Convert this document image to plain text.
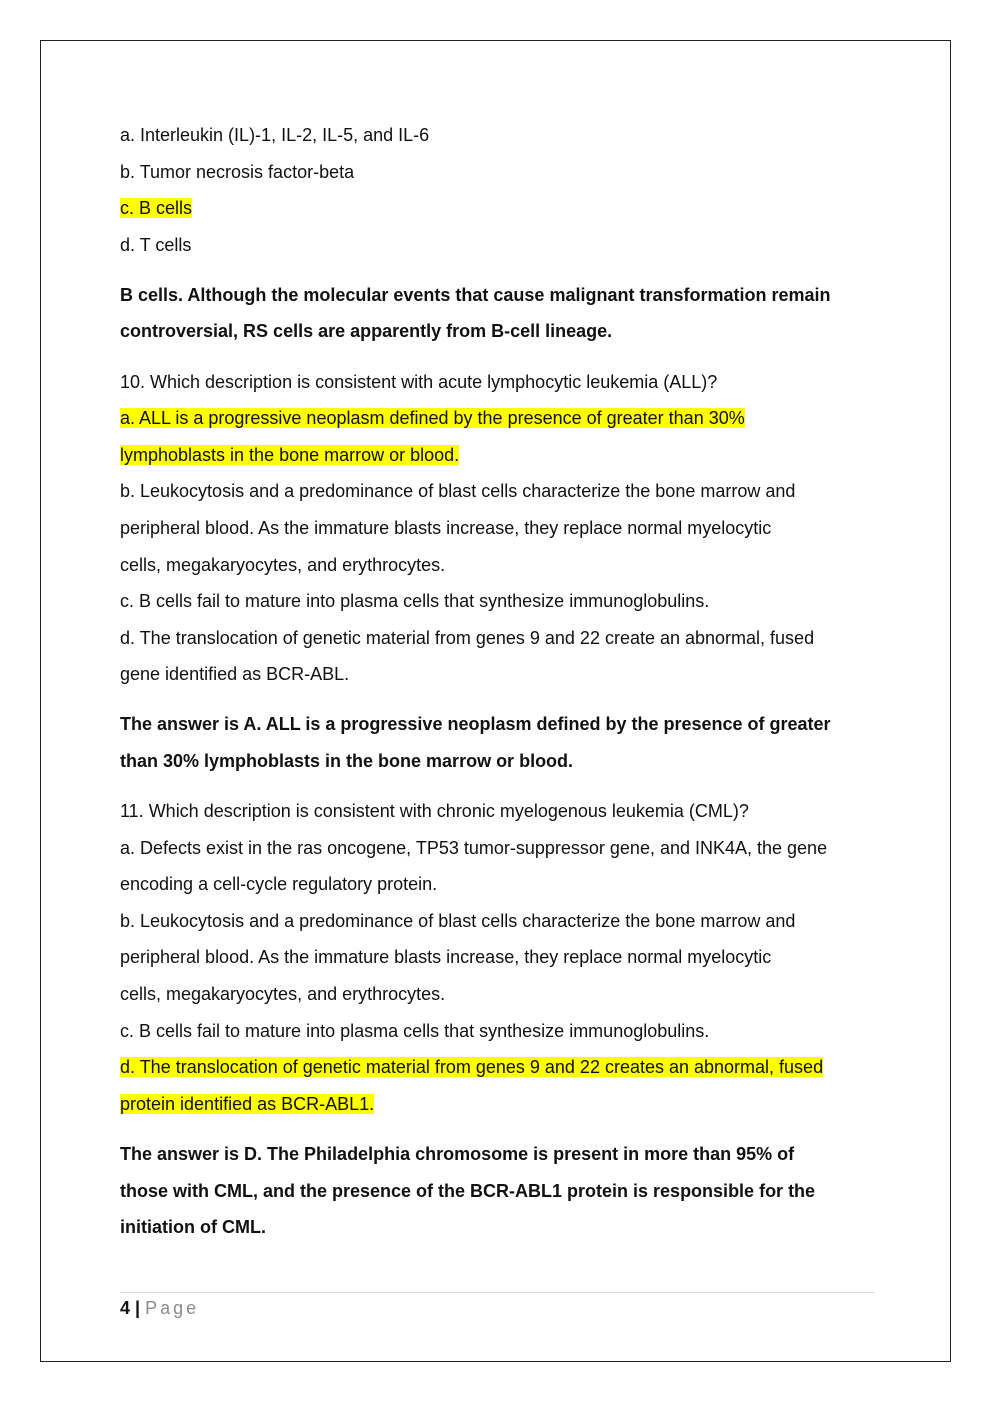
a. Interleukin (IL)-1, IL-2, IL-5, and IL-6
b. Tumor necrosis factor-beta
c. B cells
d. T cells
B cells. Although the molecular events that cause malignant transformation remain
controversial, RS cells are apparently from B-cell lineage.
10. Which description is consistent with acute lymphocytic leukemia (ALL)?
a. ALL is a progressive neoplasm defined by the presence of greater than 30%
lymphoblasts in the bone marrow or blood.
b. Leukocytosis and a predominance of blast cells characterize the bone marrow and
peripheral blood. As the immature blasts increase, they replace normal myelocytic
cells, megakaryocytes, and erythrocytes.
c. B cells fail to mature into plasma cells that synthesize immunoglobulins.
d. The translocation of genetic material from genes 9 and 22 create an abnormal, fused
gene identified as BCR-ABL.
The answer is A. ALL is a progressive neoplasm defined by the presence of greater
than 30% lymphoblasts in the bone marrow or blood.
11. Which description is consistent with chronic myelogenous leukemia (CML)?
a. Defects exist in the ras oncogene, TP53 tumor-suppressor gene, and INK4A, the gene
encoding a cell-cycle regulatory protein.
b. Leukocytosis and a predominance of blast cells characterize the bone marrow and
peripheral blood. As the immature blasts increase, they replace normal myelocytic
cells, megakaryocytes, and erythrocytes.
c. B cells fail to mature into plasma cells that synthesize immunoglobulins.
d. The translocation of genetic material from genes 9 and 22 creates an abnormal, fused
protein identified as BCR-ABL1.
The answer is D. The Philadelphia chromosome is present in more than 95% of
those with CML, and the presence of the BCR-ABL1 protein is responsible for the
initiation of CML.
4 | Page
